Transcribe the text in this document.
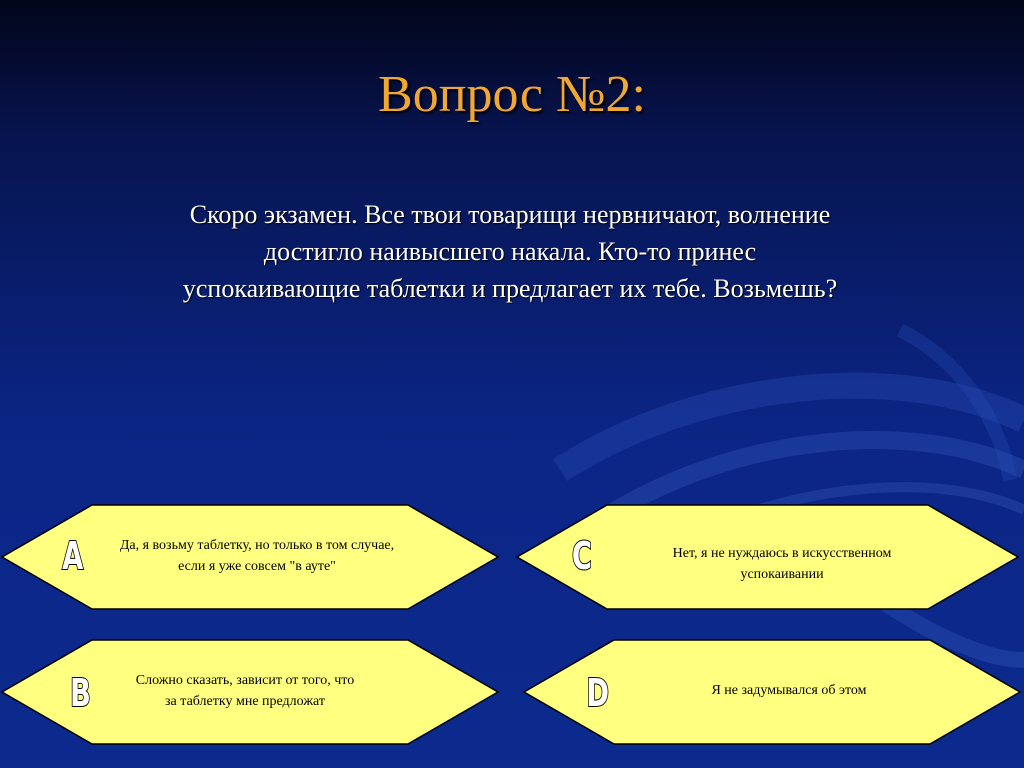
Вопрос №2:
Скоро экзамен. Все твои товарищи нервничают, волнение
достигло наивысшего накала. Кто-то принес
успокаивающие таблетки и предлагает их тебе. Возьмешь?
A	Да, я возьму таблетку, но только в том случае, если я уже совсем "в ауте"	C	Нет, я не нуждаюсь в искусственном успокаивании
B	Сложно сказать, зависит от того, что за таблетку мне предложат	D	Я не задумывался об этом
